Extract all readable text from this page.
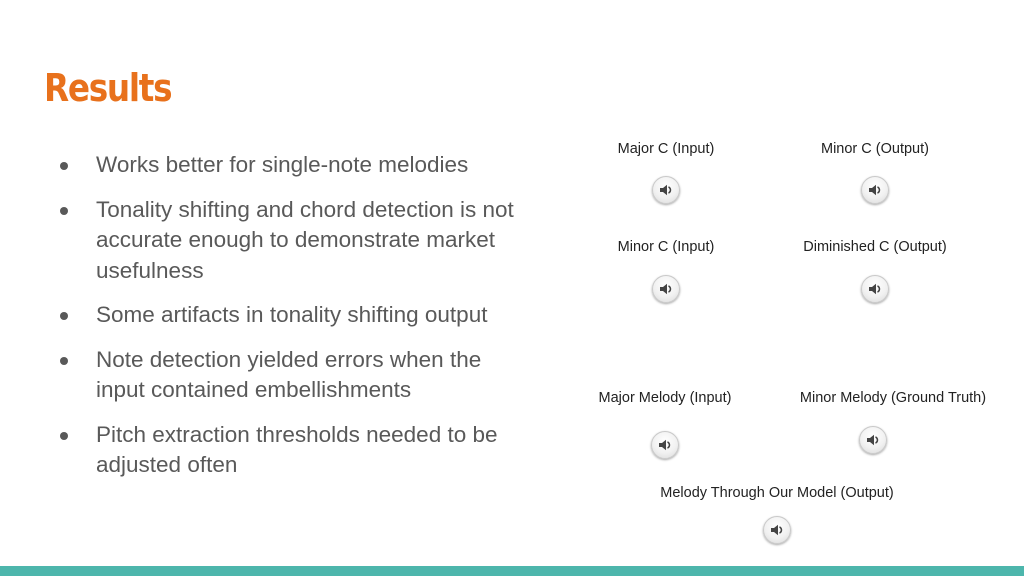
Results
Works better for single-note melodies
Tonality shifting and chord detection is not accurate enough to demonstrate market usefulness
Some artifacts in tonality shifting output
Note detection yielded errors when the input contained embellishments
Pitch extraction thresholds needed to be adjusted often
Major C (Input)	Minor C (Output)
Minor C (Input)	Diminished C (Output)
Major Melody (Input)	Minor Melody (Ground Truth)
Melody Through Our Model (Output)
